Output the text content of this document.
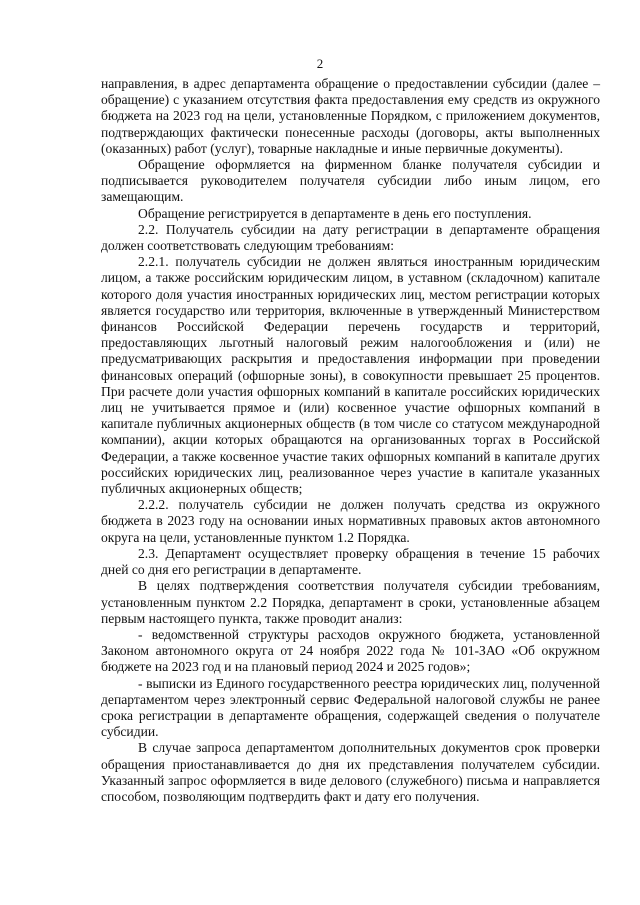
2

направления, в адрес департамента обращение о предоставлении субсидии (далее – обращение) с указанием отсутствия факта предоставления ему средств из окружного бюджета на 2023 год на цели, установленные Порядком, с приложением документов, подтверждающих фактически понесенные расходы (договоры, акты выполненных (оказанных) работ (услуг), товарные накладные и иные первичные документы).

Обращение оформляется на фирменном бланке получателя субсидии и подписывается руководителем получателя субсидии либо иным лицом, его замещающим.

Обращение регистрируется в департаменте в день его поступления.

2.2. Получатель субсидии на дату регистрации в департаменте обращения должен соответствовать следующим требованиям:

2.2.1. получатель субсидии не должен являться иностранным юридическим лицом, а также российским юридическим лицом, в уставном (складочном) капитале которого доля участия иностранных юридических лиц, местом регистрации которых является государство или территория, включенные в утвержденный Министерством финансов Российской Федерации перечень государств и территорий, предоставляющих льготный налоговый режим налогообложения и (или) не предусматривающих раскрытия и предоставления информации при проведении финансовых операций (офшорные зоны), в совокупности превышает 25 процентов. При расчете доли участия офшорных компаний в капитале российских юридических лиц не учитывается прямое и (или) косвенное участие офшорных компаний в капитале публичных акционерных обществ (в том числе со статусом международной компании), акции которых обращаются на организованных торгах в Российской Федерации, а также косвенное участие таких офшорных компаний в капитале других российских юридических лиц, реализованное через участие в капитале указанных публичных акционерных обществ;

2.2.2. получатель субсидии не должен получать средства из окружного бюджета в 2023 году на основании иных нормативных правовых актов автономного округа на цели, установленные пунктом 1.2 Порядка.

2.3. Департамент осуществляет проверку обращения в течение 15 рабочих дней со дня его регистрации в департаменте.

В целях подтверждения соответствия получателя субсидии требованиям, установленным пунктом 2.2 Порядка, департамент в сроки, установленные абзацем первым настоящего пункта, также проводит анализ:

- ведомственной структуры расходов окружного бюджета, установленной Законом автономного округа от 24 ноября 2022 года № 101-ЗАО «Об окружном бюджете на 2023 год и на плановый период 2024 и 2025 годов»;

- выписки из Единого государственного реестра юридических лиц, полученной департаментом через электронный сервис Федеральной налоговой службы не ранее срока регистрации в департаменте обращения, содержащей сведения о получателе субсидии.

В случае запроса департаментом дополнительных документов срок проверки обращения приостанавливается до дня их представления получателем субсидии. Указанный запрос оформляется в виде делового (служебного) письма и направляется способом, позволяющим подтвердить факт и дату его получения.
